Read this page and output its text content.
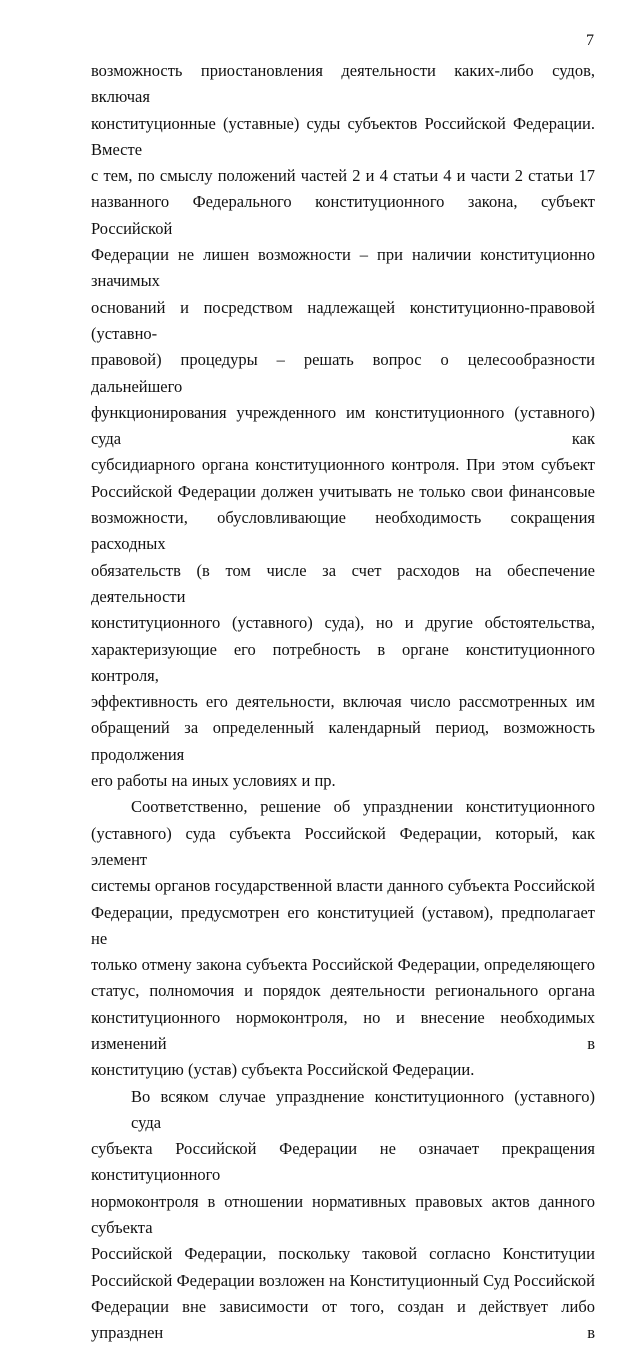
7
возможность приостановления деятельности каких-либо судов, включая
конституционные (уставные) суды субъектов Российской Федерации. Вместе
с тем, по смыслу положений частей 2 и 4 статьи 4 и части 2 статьи 17
названного Федерального конституционного закона, субъект Российской
Федерации не лишен возможности – при наличии конституционно значимых
оснований и посредством надлежащей конституционно-правовой (уставно-
правовой) процедуры – решать вопрос о целесообразности дальнейшего
функционирования учрежденного им конституционного (уставного) суда как
субсидиарного органа конституционного контроля. При этом субъект
Российской Федерации должен учитывать не только свои финансовые
возможности, обусловливающие необходимость сокращения расходных
обязательств (в том числе за счет расходов на обеспечение деятельности
конституционного (уставного) суда), но и другие обстоятельства,
характеризующие его потребность в органе конституционного контроля,
эффективность его деятельности, включая число рассмотренных им
обращений за определенный календарный период, возможность продолжения
его работы на иных условиях и пр.
Соответственно, решение об упразднении конституционного
(уставного) суда субъекта Российской Федерации, который, как элемент
системы органов государственной власти данного субъекта Российской
Федерации, предусмотрен его конституцией (уставом), предполагает не
только отмену закона субъекта Российской Федерации, определяющего
статус, полномочия и порядок деятельности регионального органа
конституционного нормоконтроля, но и внесение необходимых изменений в
конституцию (устав) субъекта Российской Федерации.
Во всяком случае упразднение конституционного (уставного) суда
субъекта Российской Федерации не означает прекращения конституционного
нормоконтроля в отношении нормативных правовых актов данного субъекта
Российской Федерации, поскольку таковой согласно Конституции
Российской Федерации возложен на Конституционный Суд Российской
Федерации вне зависимости от того, создан и действует либо упразднен в
